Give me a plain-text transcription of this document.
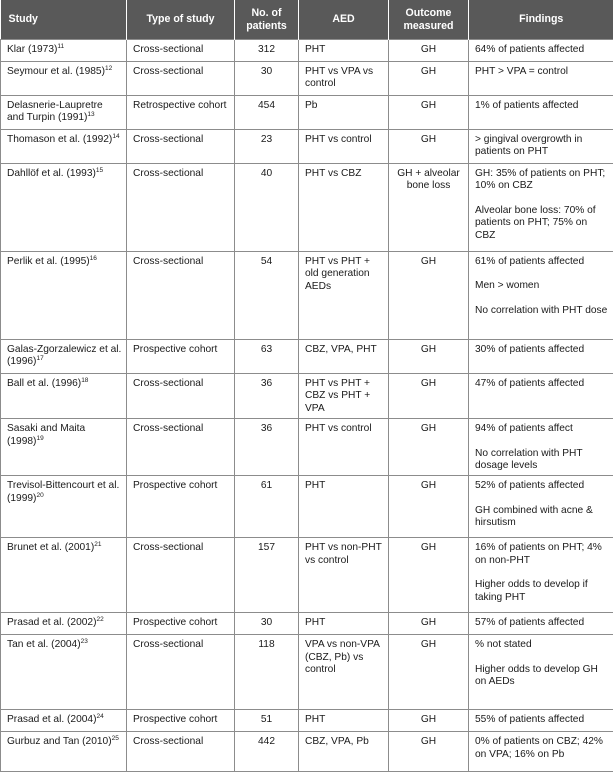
Study	Type of study	No. of patients	AED	Outcome measured	Findings
Klar $(1973)^{11}$	Cross-sectional	312	PHT	GH	64% of patients affected

Seymour et al. $(1985)^{12}$	Cross-sectional	30	PHT vs VPA vs control	GH	PHT > VPA = control

Delasnerie-Laupretre and Turpin $(1991)^{13}$	Retrospective cohort	454	Pb	GH	1% of patients affected

Thomason et al. $(1992)^{14}$	Cross-sectional	23	PHT vs control	GH	> gingival overgrowth in patients on PHT

Dahllöf et al. $(1993)^{15}$	Cross-sectional	40	PHT vs CBZ	GH + alveolar bone loss	GH: 35% of patients on PHT; 10% on CBZ
Alveolar bone loss: 70% of patients on PHT; 75% on CBZ

Perlik et al. $(1995)^{16}$	Cross-sectional	54	PHT vs PHT + old generation AEDs	GH	61% of patients affected
Men > women
No correlation with PHT dose

Galas-Zgorzalewicz et al. $(1996)^{17}$	Prospective cohort	63	CBZ, VPA, PHT	GH	30% of patients affected

Ball et al. $(1996)^{18}$	Cross-sectional	36	PHT vs PHT + CBZ vs PHT + VPA	GH	47% of patients affected

Sasaki and Maita $(1998)^{19}$	Cross-sectional	36	PHT vs control	GH	94% of patients affect
No correlation with PHT dosage levels

Trevisol-Bittencourt et al. $(1999)^{20}$	Prospective cohort	61	PHT	GH	52% of patients affected
GH combined with acne & hirsutism

Brunet et al. $(2001)^{21}$	Cross-sectional	157	PHT vs non-PHT vs control	GH	16% of patients on PHT; 4% on non-PHT
Higher odds to develop if taking PHT

Prasad et al. $(2002)^{22}$	Prospective cohort	30	PHT	GH	57% of patients affected

Tan et al. $(2004)^{23}$	Cross-sectional	118	VPA vs non-VPA (CBZ, Pb) vs control	GH	% not stated
Higher odds to develop GH on AEDs

Prasad et al. $(2004)^{24}$	Prospective cohort	51	PHT	GH	55% of patients affected

Gurbuz and Tan $(2010)^{25}$	Cross-sectional	442	CBZ, VPA, Pb	GH	0% of patients on CBZ; 42% on VPA; 16% on Pb
